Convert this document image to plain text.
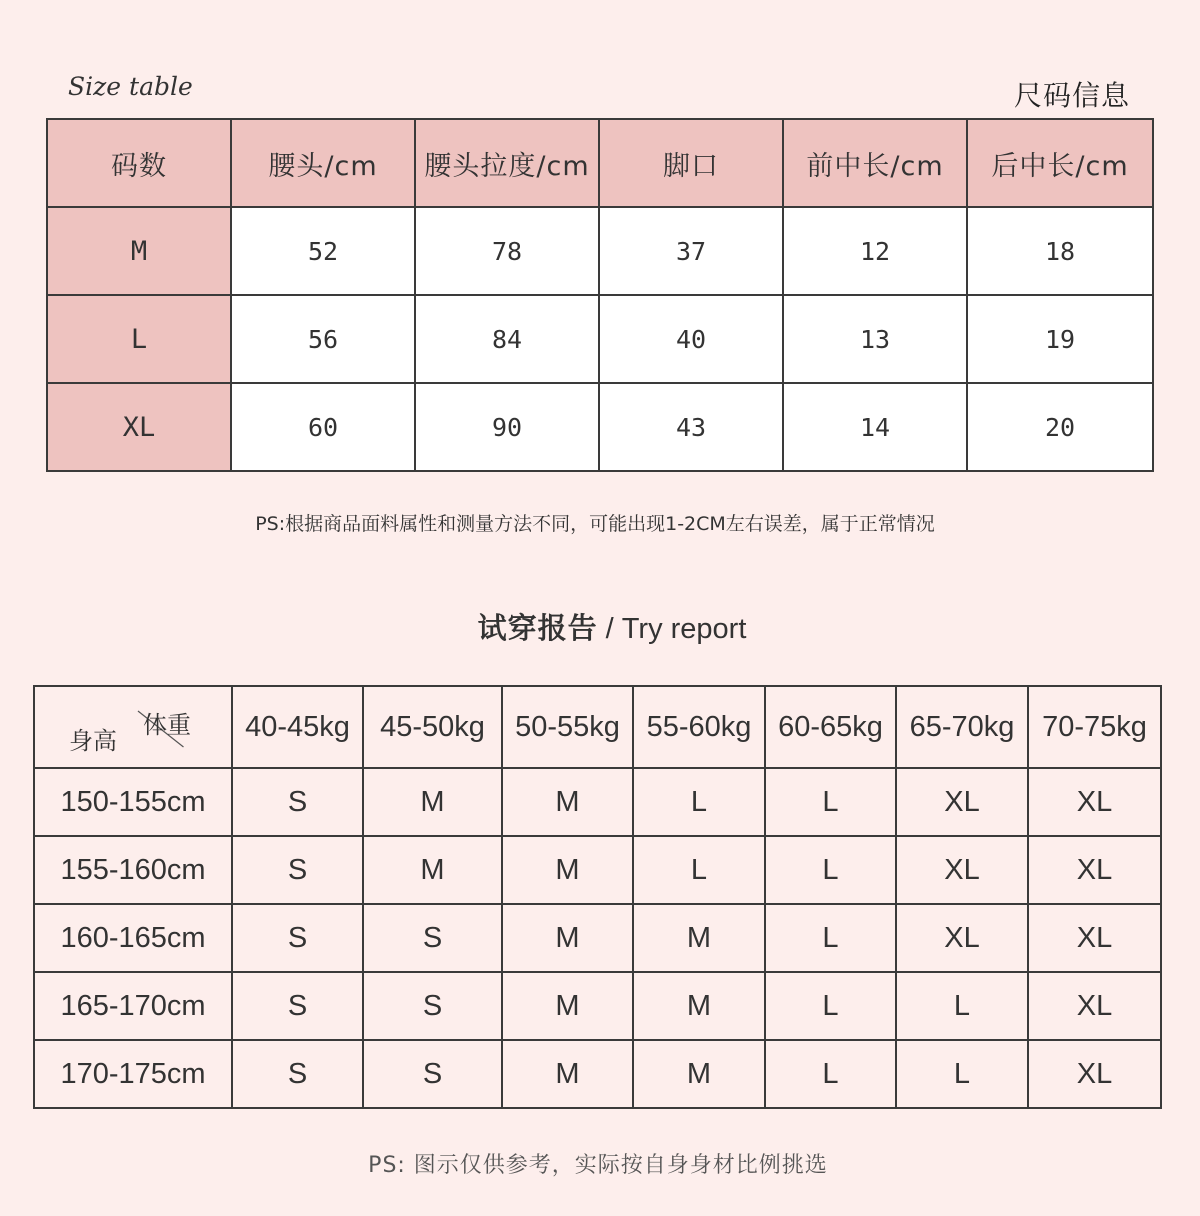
Size table	尺码信息
码数	腰头/cm	腰头拉度/cm	脚口	前中长/cm	后中长/cm
M	52	78	37	12	18
L	56	84	40	13	19
XL	60	90	43	14	20
PS:根据商品面料属性和测量方法不同，可能出现1-2CM左右误差，属于正常情况
试穿报告 / Try report
身高
体重	40-45kg	45-50kg	50-55kg	55-60kg	60-65kg	65-70kg	70-75kg
150-155cm	S	M	M	L	L	XL	XL
155-160cm	S	M	M	L	L	XL	XL
160-165cm	S	S	M	M	L	XL	XL
165-170cm	S	S	M	M	L	L	XL
170-175cm	S	S	M	M	L	L	XL
PS: 图示仅供参考，实际按自身身材比例挑选
